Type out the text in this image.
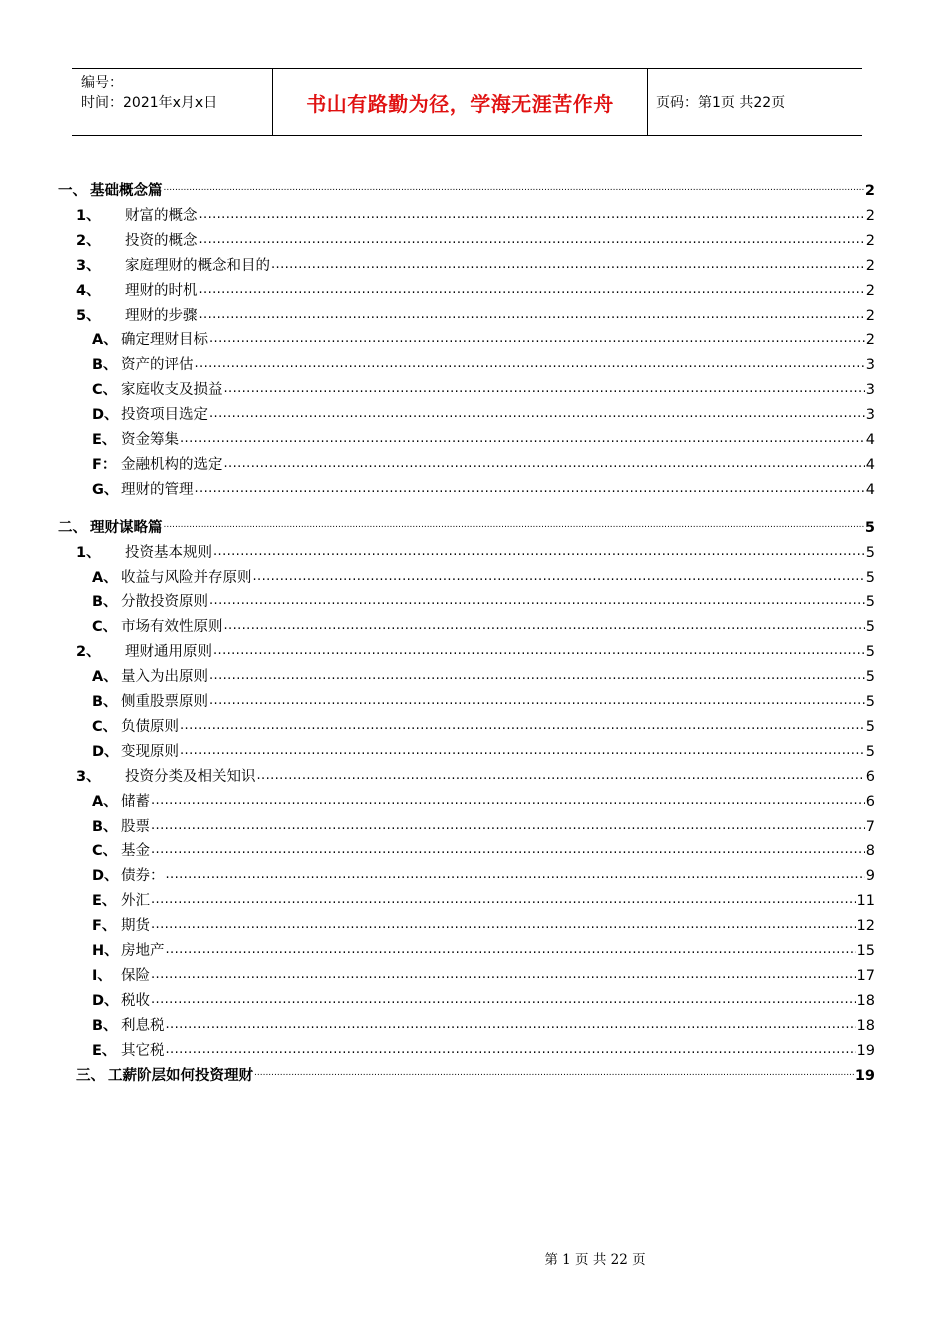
编号：
时间：2021年x月x日	书山有路勤为径，学海无涯苦作舟	页码：第1页 共22页
一、 基础概念篇 .....	2
1、	财富的概念 .....	2
2、	投资的概念 .....	2
3、	家庭理财的概念和目的 .....	2
4、	理财的时机 .....	2
5、	理财的步骤 .....	2
A、 确定理财目标 .....	2
B、 资产的评估 .....	3
C、 家庭收支及损益 .....	3
D、 投资项目选定 .....	3
E、 资金筹集 .....	4
F： 金融机构的选定 .....	4
G、 理财的管理 .....	4
二、 理财谋略篇 .....	5
1、	投资基本规则 .....	5
A、 收益与风险并存原则 .....	5
B、 分散投资原则 .....	5
C、 市场有效性原则 .....	5
2、	理财通用原则 .....	5
A、 量入为出原则 .....	5
B、 侧重股票原则 .....	5
C、 负债原则 .....	5
D、 变现原则 .....	5
3、	投资分类及相关知识 .....	6
A、 储蓄 .....	6
B、 股票 .....	7
C、 基金 .....	8
D、 债券： .....	9
E、 外汇 .....	11
F、 期货 .....	12
H、 房地产 .....	15
I、 保险 .....	17
D、 税收 .....	18
B、 利息税 .....	18
E、 其它税 .....	19
三、 工薪阶层如何投资理财 .....	19
第 1 页 共 22 页
